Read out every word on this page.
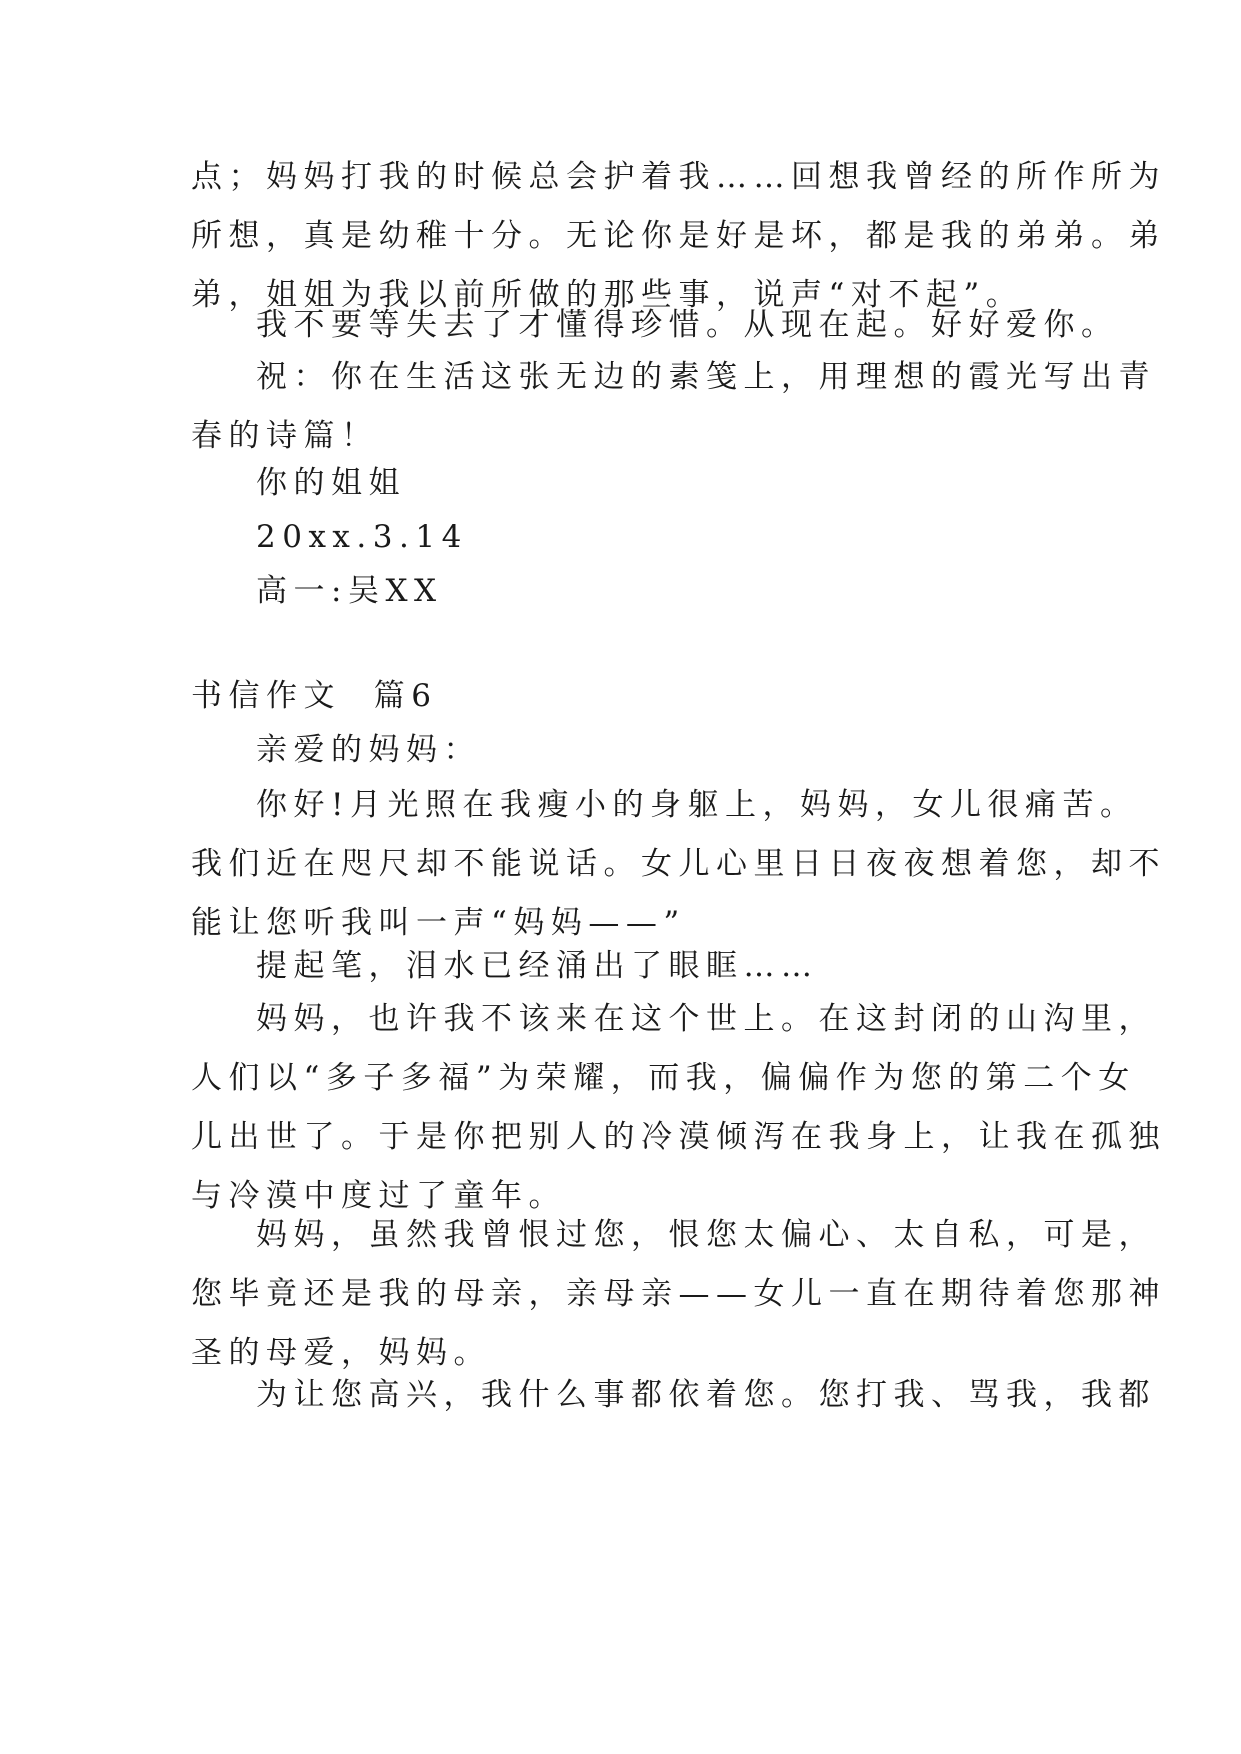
点；妈妈打我的时候总会护着我……回想我曾经的所作所为
所想，真是幼稚十分。无论你是好是坏，都是我的弟弟。弟
弟，姐姐为我以前所做的那些事，说声“对不起”。
我不要等失去了才懂得珍惜。从现在起。好好爱你。
祝：你在生活这张无边的素笺上，用理想的霞光写出青
春的诗篇！
你的姐姐
20xx.3.14
高一:吴XX
书信作文  篇6
亲爱的妈妈：
你好!月光照在我瘦小的身躯上，妈妈，女儿很痛苦。
我们近在咫尺却不能说话。女儿心里日日夜夜想着您，却不
能让您听我叫一声“妈妈——”
提起笔，泪水已经涌出了眼眶……
妈妈，也许我不该来在这个世上。在这封闭的山沟里，
人们以“多子多福”为荣耀，而我，偏偏作为您的第二个女
儿出世了。于是你把别人的冷漠倾泻在我身上，让我在孤独
与冷漠中度过了童年。
妈妈，虽然我曾恨过您，恨您太偏心、太自私，可是，
您毕竟还是我的母亲，亲母亲——女儿一直在期待着您那神
圣的母爱，妈妈。
为让您高兴，我什么事都依着您。您打我、骂我，我都
